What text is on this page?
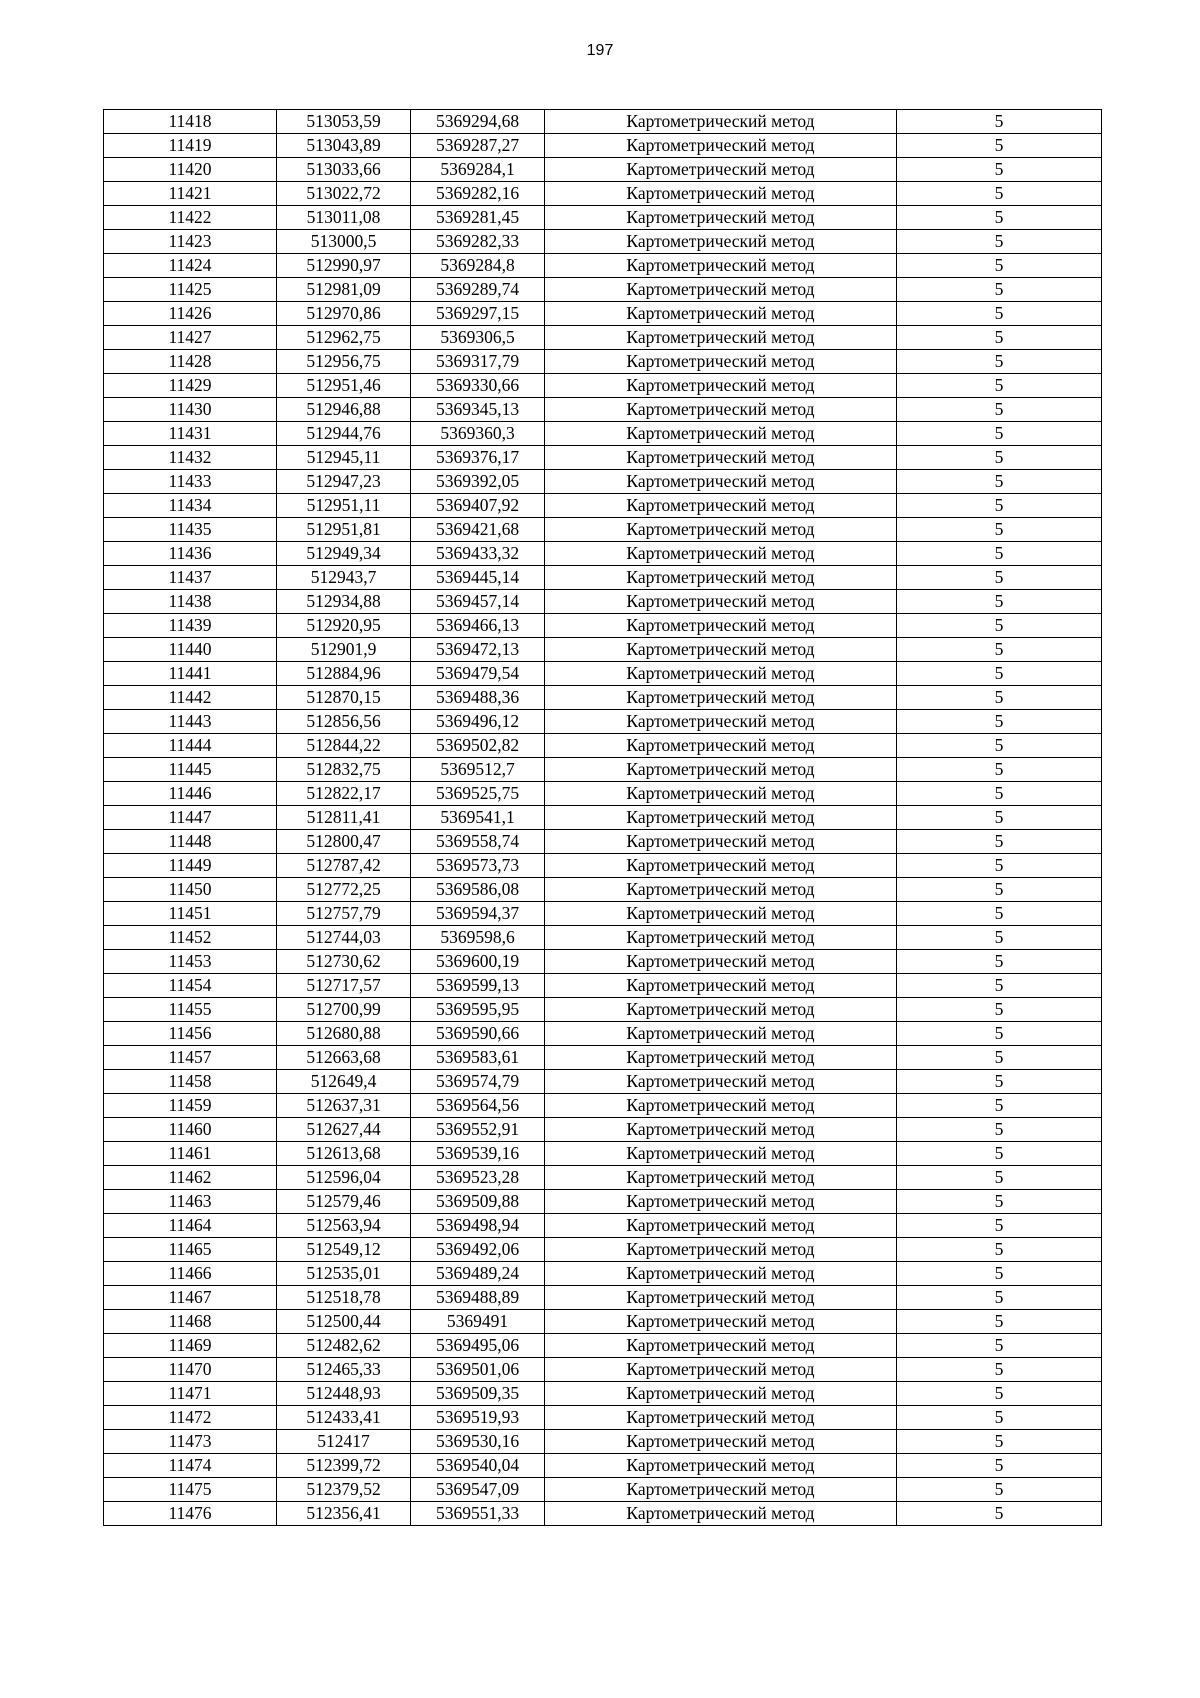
197
11418	513053,59	5369294,68	Картометрический метод	5
11419	513043,89	5369287,27	Картометрический метод	5
11420	513033,66	5369284,1	Картометрический метод	5
11421	513022,72	5369282,16	Картометрический метод	5
11422	513011,08	5369281,45	Картометрический метод	5
11423	513000,5	5369282,33	Картометрический метод	5
11424	512990,97	5369284,8	Картометрический метод	5
11425	512981,09	5369289,74	Картометрический метод	5
11426	512970,86	5369297,15	Картометрический метод	5
11427	512962,75	5369306,5	Картометрический метод	5
11428	512956,75	5369317,79	Картометрический метод	5
11429	512951,46	5369330,66	Картометрический метод	5
11430	512946,88	5369345,13	Картометрический метод	5
11431	512944,76	5369360,3	Картометрический метод	5
11432	512945,11	5369376,17	Картометрический метод	5
11433	512947,23	5369392,05	Картометрический метод	5
11434	512951,11	5369407,92	Картометрический метод	5
11435	512951,81	5369421,68	Картометрический метод	5
11436	512949,34	5369433,32	Картометрический метод	5
11437	512943,7	5369445,14	Картометрический метод	5
11438	512934,88	5369457,14	Картометрический метод	5
11439	512920,95	5369466,13	Картометрический метод	5
11440	512901,9	5369472,13	Картометрический метод	5
11441	512884,96	5369479,54	Картометрический метод	5
11442	512870,15	5369488,36	Картометрический метод	5
11443	512856,56	5369496,12	Картометрический метод	5
11444	512844,22	5369502,82	Картометрический метод	5
11445	512832,75	5369512,7	Картометрический метод	5
11446	512822,17	5369525,75	Картометрический метод	5
11447	512811,41	5369541,1	Картометрический метод	5
11448	512800,47	5369558,74	Картометрический метод	5
11449	512787,42	5369573,73	Картометрический метод	5
11450	512772,25	5369586,08	Картометрический метод	5
11451	512757,79	5369594,37	Картометрический метод	5
11452	512744,03	5369598,6	Картометрический метод	5
11453	512730,62	5369600,19	Картометрический метод	5
11454	512717,57	5369599,13	Картометрический метод	5
11455	512700,99	5369595,95	Картометрический метод	5
11456	512680,88	5369590,66	Картометрический метод	5
11457	512663,68	5369583,61	Картометрический метод	5
11458	512649,4	5369574,79	Картометрический метод	5
11459	512637,31	5369564,56	Картометрический метод	5
11460	512627,44	5369552,91	Картометрический метод	5
11461	512613,68	5369539,16	Картометрический метод	5
11462	512596,04	5369523,28	Картометрический метод	5
11463	512579,46	5369509,88	Картометрический метод	5
11464	512563,94	5369498,94	Картометрический метод	5
11465	512549,12	5369492,06	Картометрический метод	5
11466	512535,01	5369489,24	Картометрический метод	5
11467	512518,78	5369488,89	Картометрический метод	5
11468	512500,44	5369491	Картометрический метод	5
11469	512482,62	5369495,06	Картометрический метод	5
11470	512465,33	5369501,06	Картометрический метод	5
11471	512448,93	5369509,35	Картометрический метод	5
11472	512433,41	5369519,93	Картометрический метод	5
11473	512417	5369530,16	Картометрический метод	5
11474	512399,72	5369540,04	Картометрический метод	5
11475	512379,52	5369547,09	Картометрический метод	5
11476	512356,41	5369551,33	Картометрический метод	5
